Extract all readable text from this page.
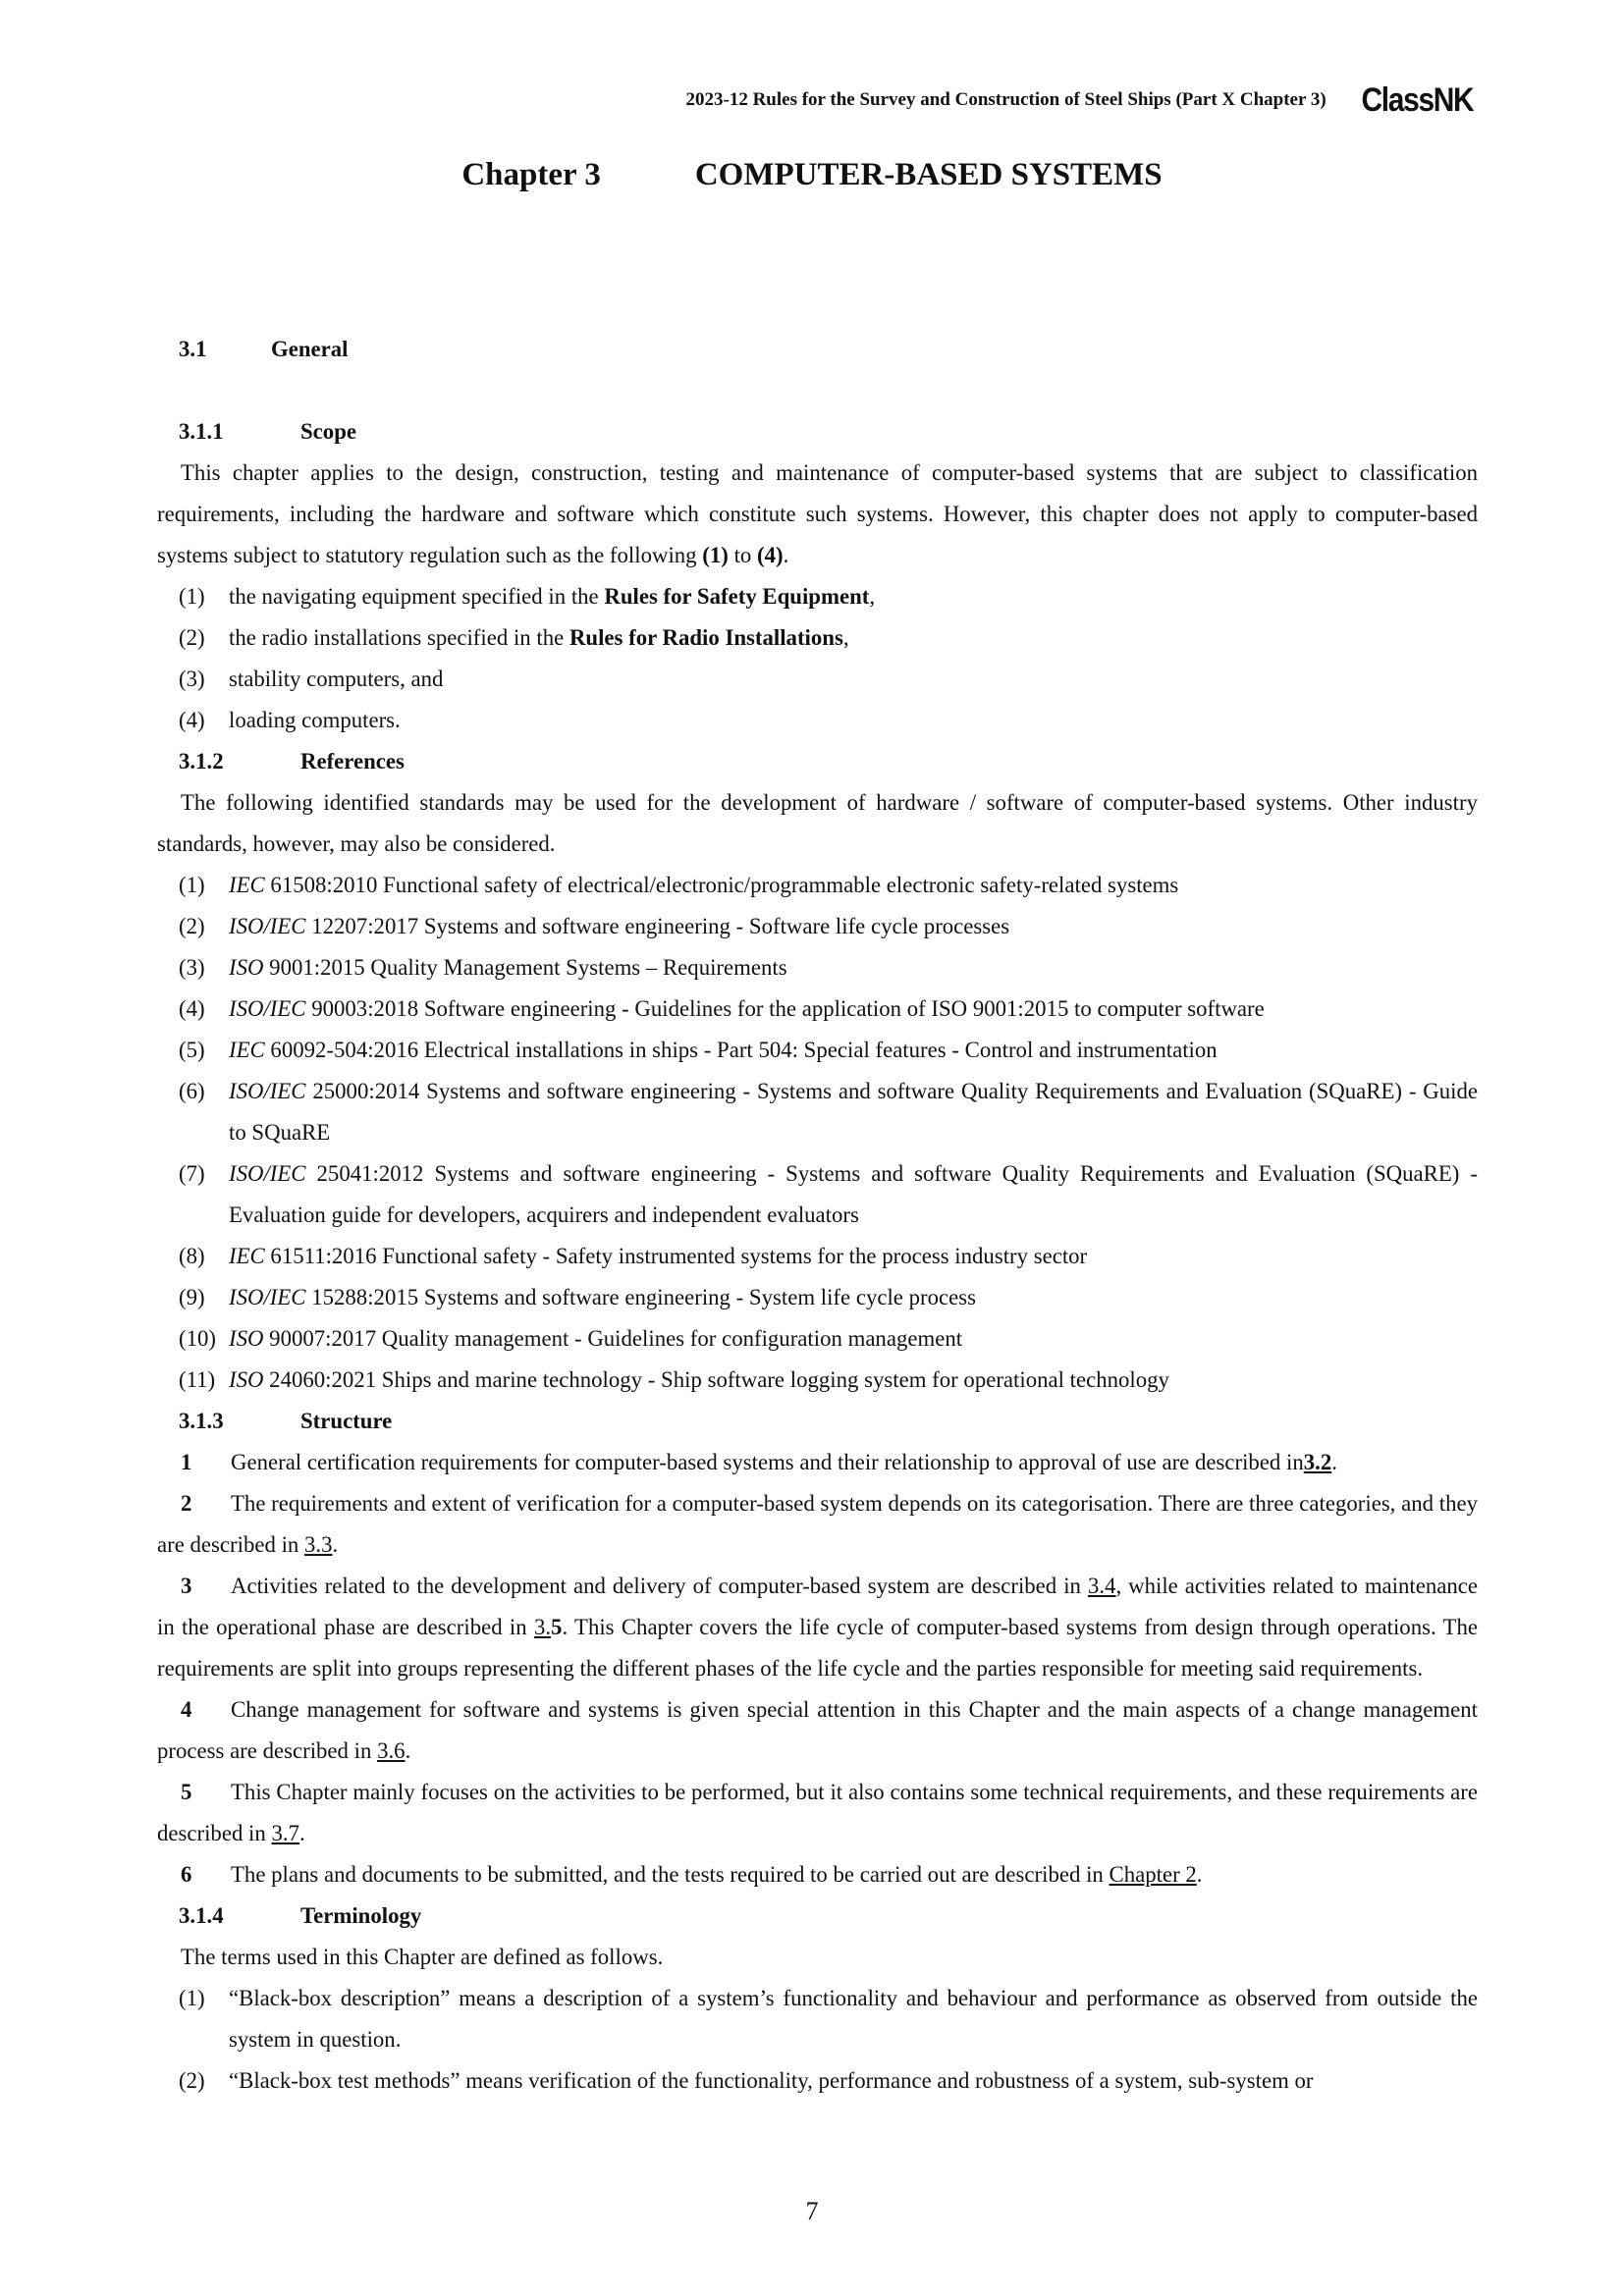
2023-12 Rules for the Survey and Construction of Steel Ships (Part X Chapter 3) ClassNK
Chapter 3	COMPUTER-BASED SYSTEMS
3.1	General
3.1.1	Scope
This chapter applies to the design, construction, testing and maintenance of computer-based systems that are subject to classification requirements, including the hardware and software which constitute such systems. However, this chapter does not apply to computer-based systems subject to statutory regulation such as the following (1) to (4).
(1)	the navigating equipment specified in the Rules for Safety Equipment,
(2)	the radio installations specified in the Rules for Radio Installations,
(3)	stability computers, and
(4)	loading computers.
3.1.2	References
The following identified standards may be used for the development of hardware / software of computer-based systems. Other industry standards, however, may also be considered.
(1)	IEC 61508:2010 Functional safety of electrical/electronic/programmable electronic safety-related systems
(2)	ISO/IEC 12207:2017 Systems and software engineering - Software life cycle processes
(3)	ISO 9001:2015 Quality Management Systems – Requirements
(4)	ISO/IEC 90003:2018 Software engineering - Guidelines for the application of ISO 9001:2015 to computer software
(5)	IEC 60092-504:2016 Electrical installations in ships - Part 504: Special features - Control and instrumentation
(6)	ISO/IEC 25000:2014 Systems and software engineering - Systems and software Quality Requirements and Evaluation (SQuaRE) - Guide to SQuaRE
(7)	ISO/IEC 25041:2012 Systems and software engineering - Systems and software Quality Requirements and Evaluation (SQuaRE) - Evaluation guide for developers, acquirers and independent evaluators
(8)	IEC 61511:2016 Functional safety - Safety instrumented systems for the process industry sector
(9)	ISO/IEC 15288:2015 Systems and software engineering - System life cycle process
(10) ISO 90007:2017 Quality management - Guidelines for configuration management
(11) ISO 24060:2021 Ships and marine technology - Ship software logging system for operational technology
3.1.3	Structure
1 General certification requirements for computer-based systems and their relationship to approval of use are described in3.2.
2 The requirements and extent of verification for a computer-based system depends on its categorisation. There are three categories, and they are described in 3.3.
3 Activities related to the development and delivery of computer-based system are described in 3.4, while activities related to maintenance in the operational phase are described in 3.5. This Chapter covers the life cycle of computer-based systems from design through operations. The requirements are split into groups representing the different phases of the life cycle and the parties responsible for meeting said requirements.
4 Change management for software and systems is given special attention in this Chapter and the main aspects of a change management process are described in 3.6.
5 This Chapter mainly focuses on the activities to be performed, but it also contains some technical requirements, and these requirements are described in 3.7.
6 The plans and documents to be submitted, and the tests required to be carried out are described in Chapter 2.
3.1.4	Terminology
The terms used in this Chapter are defined as follows.
(1)	“Black-box description” means a description of a system’s functionality and behaviour and performance as observed from outside the system in question.
(2)	“Black-box test methods” means verification of the functionality, performance and robustness of a system, sub-system or
7
